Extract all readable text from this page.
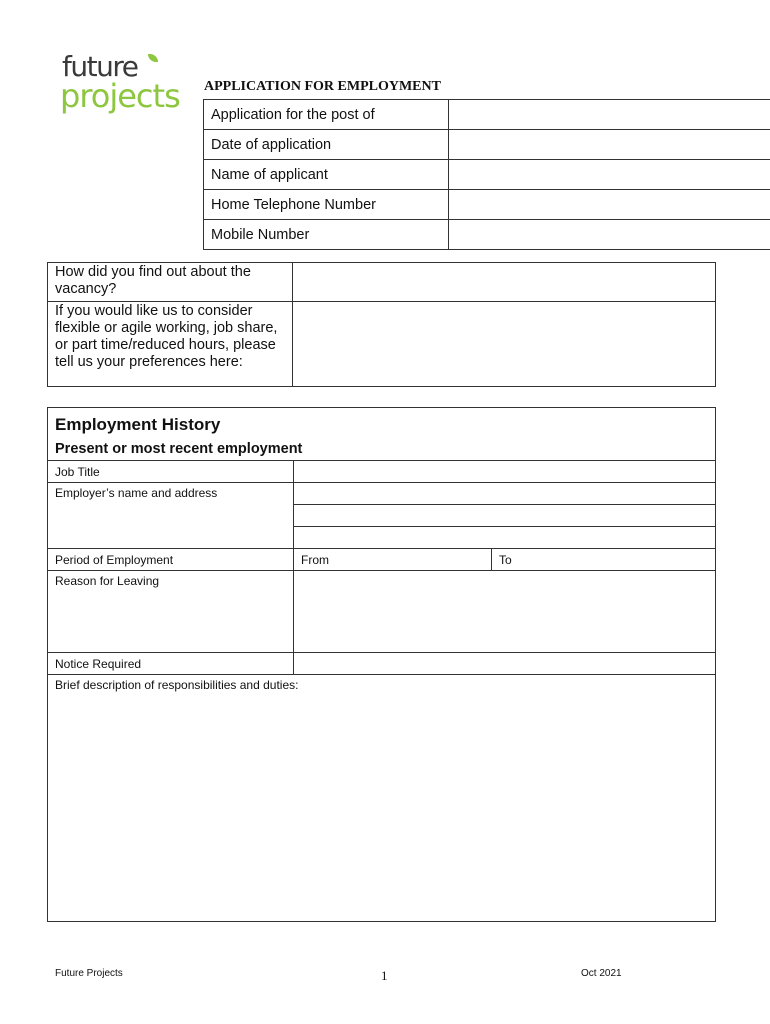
future
projects APPLICATION FOR EMPLOYMENT
Application for the post of	
Date of application	
Name of applicant	
Home Telephone Number	
Mobile Number	
How did you find out about the vacancy?	
If you would like us to consider flexible or agile working, job share, or part time/reduced hours, please tell us your preferences here:	
Employment History
Present or most recent employment		

Job Title		
Employer’s name and address		

Period of Employment	From	To
Reason for Leaving		
Notice Required		
Brief description of responsibilities and duties:		
Future Projects	1	Oct 2021
